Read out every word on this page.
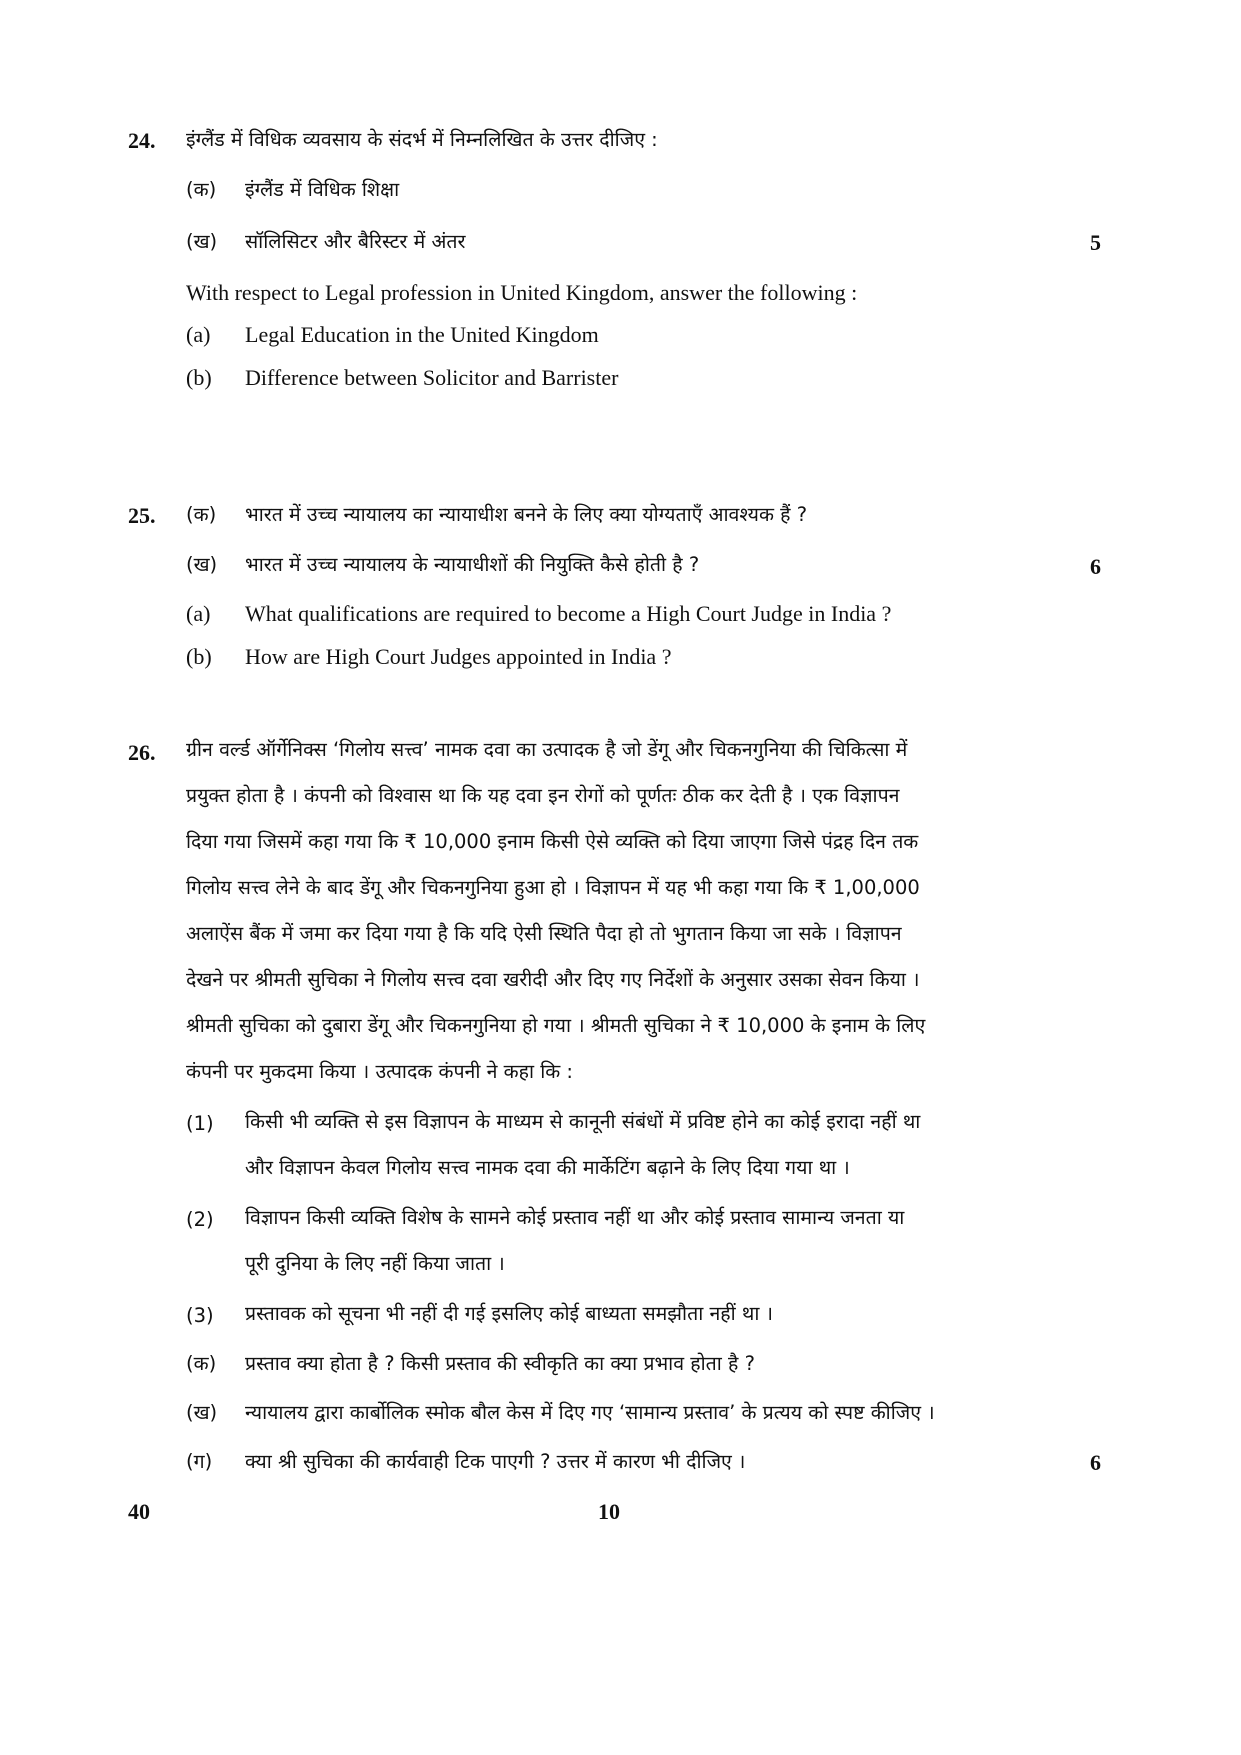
24. इंग्लैंड में विधिक व्यवसाय के संदर्भ में निम्नलिखित के उत्तर दीजिए :
(क) इंग्लैंड में विधिक शिक्षा
(ख) सॉलिसिटर और बैरिस्टर में अंतर	5
With respect to Legal profession in United Kingdom, answer the following :
(a) Legal Education in the United Kingdom
(b) Difference between Solicitor and Barrister
25. (क) भारत में उच्च न्यायालय का न्यायाधीश बनने के लिए क्या योग्यताएँ आवश्यक हैं ?
(ख) भारत में उच्च न्यायालय के न्यायाधीशों की नियुक्ति कैसे होती है ?	6
(a) What qualifications are required to become a High Court Judge in India ?
(b) How are High Court Judges appointed in India ?
26. ग्रीन वर्ल्ड ऑर्गेनिक्स ‘गिलोय सत्त्व’ नामक दवा का उत्पादक है जो डेंगू और चिकनगुनिया की चिकित्सा में
प्रयुक्त होता है । कंपनी को विश्वास था कि यह दवा इन रोगों को पूर्णतः ठीक कर देती है । एक विज्ञापन
दिया गया जिसमें कहा गया कि ₹ 10,000 इनाम किसी ऐसे व्यक्ति को दिया जाएगा जिसे पंद्रह दिन तक
गिलोय सत्त्व लेने के बाद डेंगू और चिकनगुनिया हुआ हो । विज्ञापन में यह भी कहा गया कि ₹ 1,00,000
अलाऐंस बैंक में जमा कर दिया गया है कि यदि ऐसी स्थिति पैदा हो तो भुगतान किया जा सके । विज्ञापन
देखने पर श्रीमती सुचिका ने गिलोय सत्त्व दवा खरीदी और दिए गए निर्देशों के अनुसार उसका सेवन किया ।
श्रीमती सुचिका को दुबारा डेंगू और चिकनगुनिया हो गया । श्रीमती सुचिका ने ₹ 10,000 के इनाम के लिए
कंपनी पर मुकदमा किया । उत्पादक कंपनी ने कहा कि :
(1) किसी भी व्यक्ति से इस विज्ञापन के माध्यम से कानूनी संबंधों में प्रविष्ट होने का कोई इरादा नहीं था
और विज्ञापन केवल गिलोय सत्त्व नामक दवा की मार्केटिंग बढ़ाने के लिए दिया गया था ।
(2) विज्ञापन किसी व्यक्ति विशेष के सामने कोई प्रस्ताव नहीं था और कोई प्रस्ताव सामान्य जनता या
पूरी दुनिया के लिए नहीं किया जाता ।
(3) प्रस्तावक को सूचना भी नहीं दी गई इसलिए कोई बाध्यता समझौता नहीं था ।
(क) प्रस्ताव क्या होता है ? किसी प्रस्ताव की स्वीकृति का क्या प्रभाव होता है ?
(ख) न्यायालय द्वारा कार्बोलिक स्मोक बौल केस में दिए गए ‘सामान्य प्रस्ताव’ के प्रत्यय को स्पष्ट कीजिए ।
(ग) क्या श्री सुचिका की कार्यवाही टिक पाएगी ? उत्तर में कारण भी दीजिए ।	6
40	10
